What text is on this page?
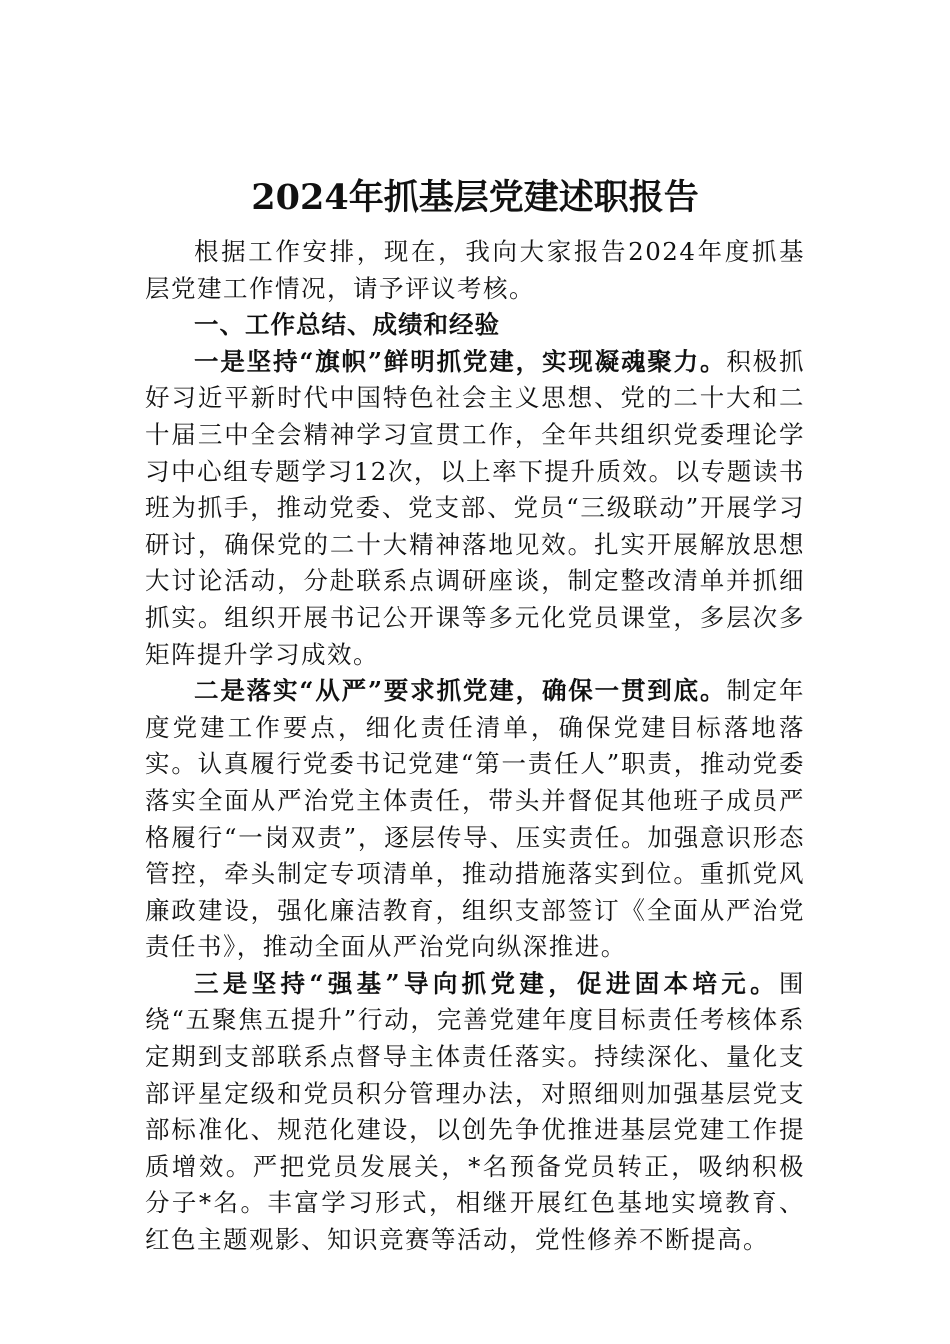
2024年抓基层党建述职报告

根据工作安排，现在，我向大家报告2024年度抓基层党建工作情况，请予评议考核。

一、工作总结、成绩和经验

一是坚持“旗帜”鲜明抓党建，实现凝魂聚力。积极抓好习近平新时代中国特色社会主义思想、党的二十大和二十届三中全会精神学习宣贯工作，全年共组织党委理论学习中心组专题学习12次，以上率下提升质效。以专题读书班为抓手，推动党委、党支部、党员“三级联动”开展学习研讨，确保党的二十大精神落地见效。扎实开展解放思想大讨论活动，分赴联系点调研座谈，制定整改清单并抓细抓实。组织开展书记公开课等多元化党员课堂，多层次多矩阵提升学习成效。

二是落实“从严”要求抓党建，确保一贯到底。制定年度党建工作要点，细化责任清单，确保党建目标落地落实。认真履行党委书记党建“第一责任人”职责，推动党委落实全面从严治党主体责任，带头并督促其他班子成员严格履行“一岗双责”，逐层传导、压实责任。加强意识形态管控，牵头制定专项清单，推动措施落实到位。重抓党风廉政建设，强化廉洁教育，组织支部签订《全面从严治党责任书》，推动全面从严治党向纵深推进。

三是坚持“强基”导向抓党建，促进固本培元。围绕“五聚焦五提升”行动，完善党建年度目标责任考核体系定期到支部联系点督导主体责任落实。持续深化、量化支部评星定级和党员积分管理办法，对照细则加强基层党支部标准化、规范化建设，以创先争优推进基层党建工作提质增效。严把党员发展关，*名预备党员转正，吸纳积极分子*名。丰富学习形式，相继开展红色基地实境教育、红色主题观影、知识竞赛等活动，党性修养不断提高。
